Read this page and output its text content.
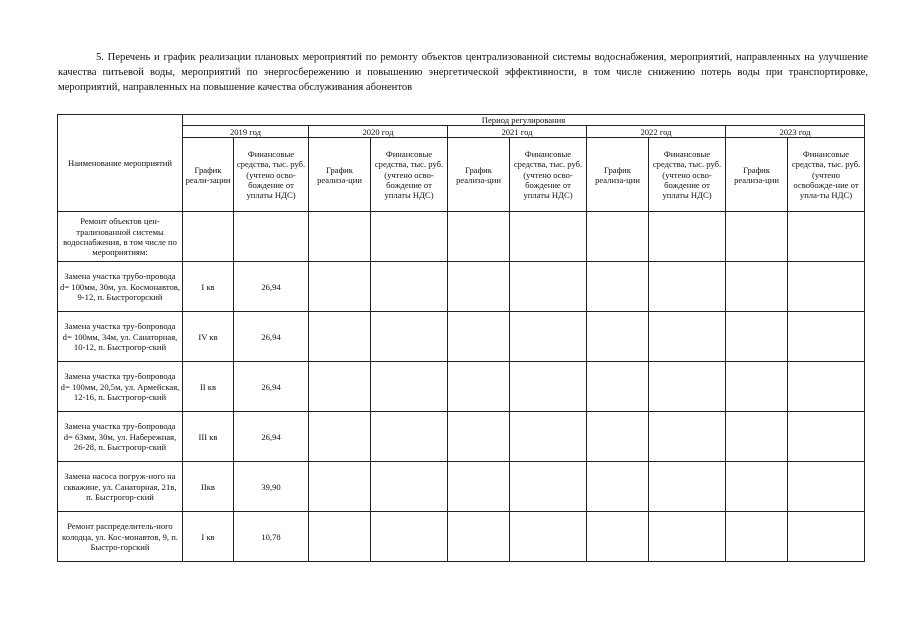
5. Перечень и график реализации плановых мероприятий по ремонту объектов централизованной системы водоснабжения, мероприятий, направленных на улучшение качества питьевой воды, мероприятий по энергосбережению и повышению энергетической эффективности, в том числе снижению потерь воды при транспортировке, мероприятий, направленных на повышение качества обслуживания абонентов
Наименование мероприятий	Период регулирования									
	2019 год		2020 год		2021 год		2022 год		2023 год	
	График реали-зации	Финансовые средства, тыс. руб. (учтено осво-бождение от уплаты НДС)	График реализа-ции	Финансовые средства, тыс. руб. (учтено осво-бождение от уплаты НДС)	График реализа-ции	Финансовые средства, тыс. руб. (учтено осво-бождение от уплаты НДС)	График реализа-ции	Финансовые средства, тыс. руб. (учтено осво-бождение от уплаты НДС)	График реализа-ции	Финансовые средства, тыс. руб. (учтено освобожде-ние от упла-ты НДС)
Ремонт объектов цен-трализованной системы водоснабжения, в том числе по мероприятиям:										
Замена участка трубо-провода d= 100мм, 30м, ул. Космонавтов, 9-12, п. Быстрогорский	I кв	26,94								
Замена участка тру-бопровода d= 100мм, 34м, ул. Санаторная, 10-12, п. Быстрогор-ский	IV кв	26,94								
Замена участка тру-бопровода d= 100мм, 20,5м, ул. Армейская, 12-16, п. Быстрогор-ский	II кв	26,94								
Замена участка тру-бопровода d= 63мм, 30м, ул. Набережная, 26-28, п. Быстрогор-ский	III кв	26,94								
Замена насоса погруж-ного на скважине, ул. Санаторная, 21в, п. Быстрогор-ский	IIкв	39,90								
Ремонт распределитель-ного колодца, ул. Кос-монавтов, 9, п. Быстро-горский	I кв	10,78								
